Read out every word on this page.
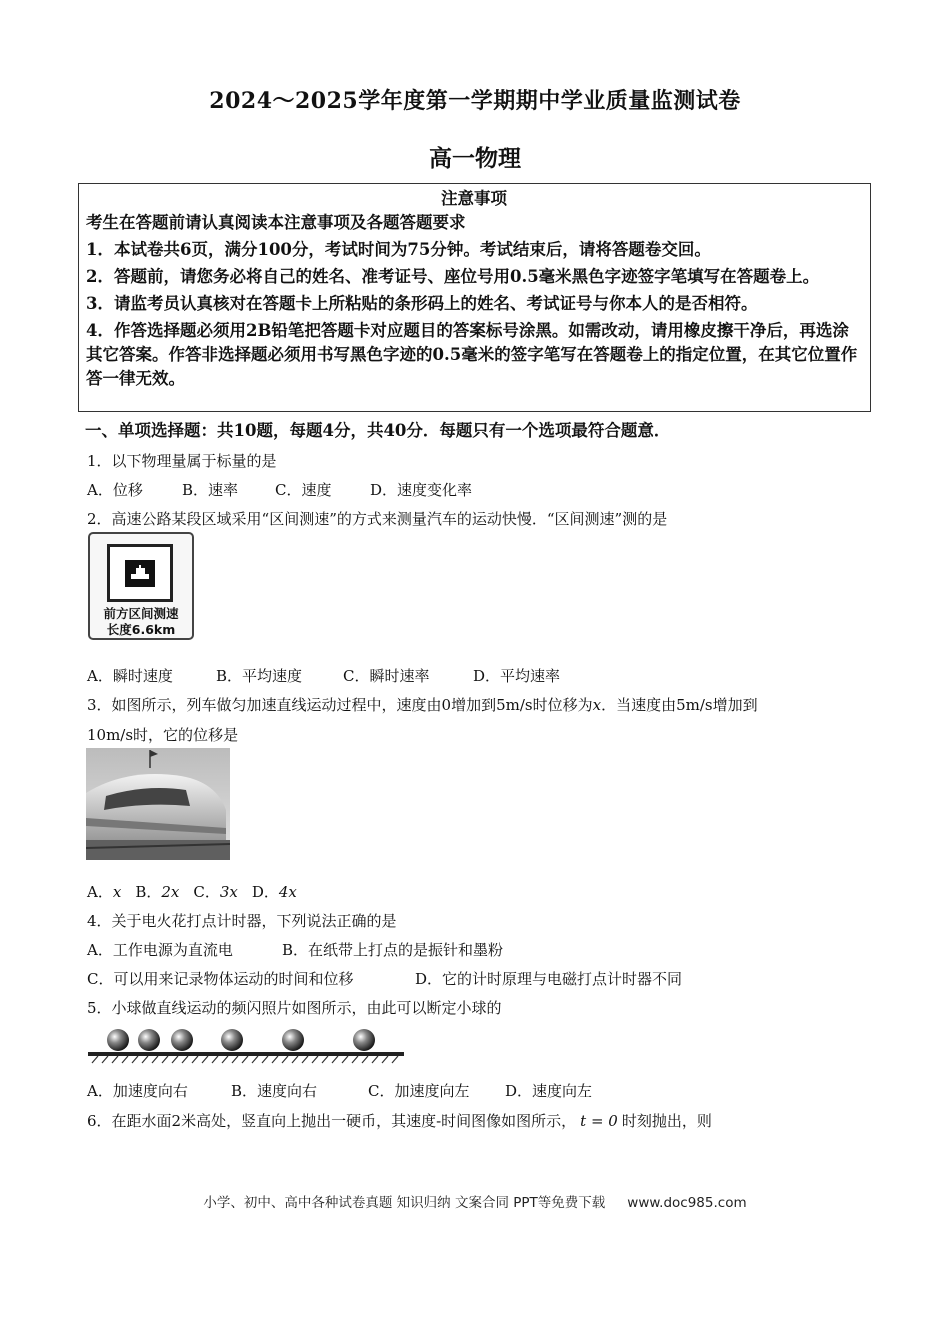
2024～2025学年度第一学期期中学业质量监测试卷
高一物理
注意事项

考生在答题前请认真阅读本注意事项及各题答题要求

1．本试卷共6页，满分100分，考试时间为75分钟。考试结束后，请将答题卷交回。

2．答题前，请您务必将自己的姓名、准考证号、座位号用0.5毫米黑色字迹签字笔填写在答题卷上。

3．请监考员认真核对在答题卡上所粘贴的条形码上的姓名、考试证号与你本人的是否相符。

4．作答选择题必须用2B铅笔把答题卡对应题目的答案标号涂黑。如需改动，请用橡皮擦干净后，再选涂其它答案。作答非选择题必须用书写黑色字迹的0.5毫米的签字笔写在答题卷上的指定位置，在其它位置作答一律无效。

一、单项选择题：共10题，每题4分，共40分．每题只有一个选项最符合题意．
1．以下物理量属于标量的是
A．位移	B．速率 C．速度	D．速度变化率
2．高速公路某段区域采用“区间测速”的方式来测量汽车的运动快慢．“区间测速”测的是
前方区间测速
长度6.6km
A．瞬时速度	B．平均速度	C．瞬时速率	D．平均速率
3．如图所示，列车做匀加速直线运动过程中，速度由0增加到5m/s时位移为x．当速度由5m/s增加到
10m/s时，它的位移是
A．x B．2x C．3x D．4x
4．关于电火花打点计时器，下列说法正确的是
A．工作电源为直流电	B．在纸带上打点的是振针和墨粉
C．可以用来记录物体运动的时间和位移	D．它的计时原理与电磁打点计时器不同
5．小球做直线运动的频闪照片如图所示，由此可以断定小球的
A．加速度向右	B．速度向右	C．加速度向左 D．速度向左
6．在距水面2米高处，竖直向上抛出一硬币，其速度-时间图像如图所示， t = 0 时刻抛出，则
小学、初中、高中各种试卷真题 知识归纳 文案合同 PPT等免费下载 www.doc985.com
